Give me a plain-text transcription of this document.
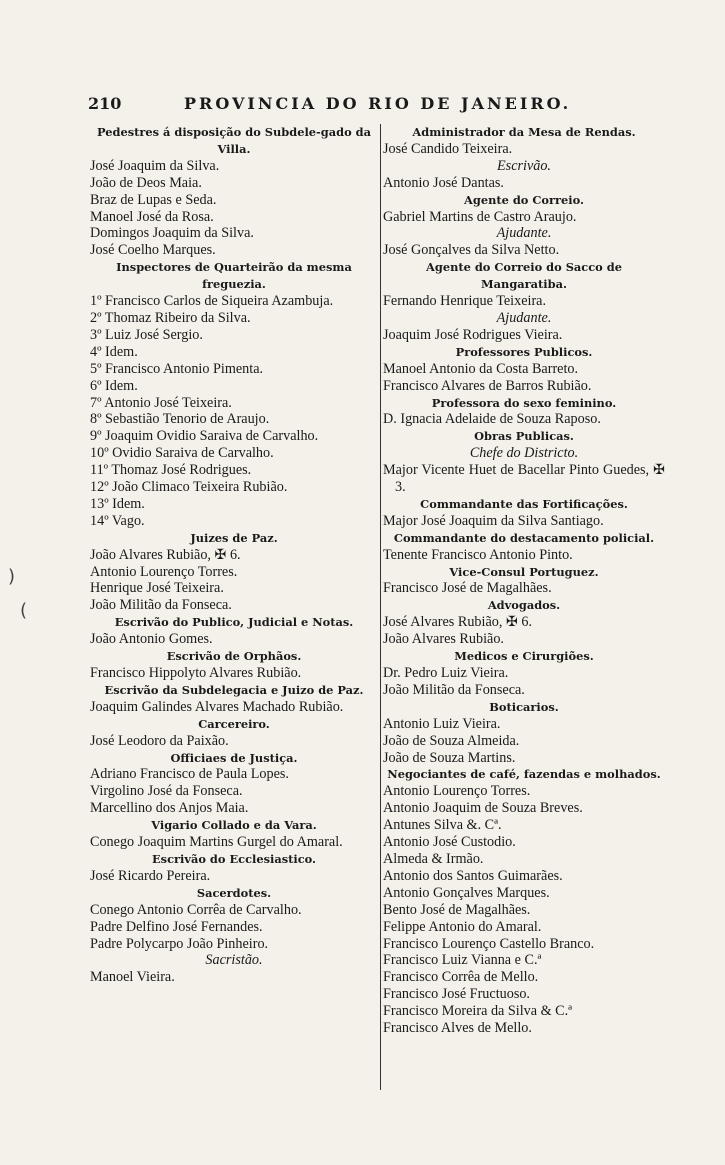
210	PROVINCIA DO RIO DE JANEIRO.
Pedestres á disposição do Subdele-gado da Villa.
José Joaquim da Silva.
João de Deos Maia.
Braz de Lupas e Seda.
Manoel José da Rosa.
Domingos Joaquim da Silva.
José Coelho Marques.
Inspectores de Quarteirão da mesma freguezia.
1º Francisco Carlos de Siqueira Azambuja.
2º Thomaz Ribeiro da Silva.
3º Luiz José Sergio.
4º Idem.
5º Francisco Antonio Pimenta.
6º Idem.
7º Antonio José Teixeira.
8º Sebastião Tenorio de Araujo.
9º Joaquim Ovidio Saraiva de Carvalho.
10º Ovidio Saraiva de Carvalho.
11º Thomaz José Rodrigues.
12º João Climaco Teixeira Rubião.
13º Idem.
14º Vago.
Juizes de Paz.
João Alvares Rubião, ✠ 6.
Antonio Lourenço Torres.
Henrique José Teixeira.
João Militão da Fonseca.
Escrivão do Publico, Judicial e Notas.
João Antonio Gomes.
Escrivão de Orphãos.
Francisco Hippolyto Alvares Rubião.
Escrivão da Subdelegacia e Juizo de Paz.
Joaquim Galindes Alvares Machado Rubião.
Carcereiro.
José Leodoro da Paixão.
Officiaes de Justiça.
Adriano Francisco de Paula Lopes.
Virgolino José da Fonseca.
Marcellino dos Anjos Maia.
Vigario Collado e da Vara.
Conego Joaquim Martins Gurgel do Amaral.
Escrivão do Ecclesiastico.
José Ricardo Pereira.
Sacerdotes.
Conego Antonio Corrêa de Carvalho.
Padre Delfino José Fernandes.
Padre Polycarpo João Pinheiro.
Sacristão.
Manoel Vieira.
Administrador da Mesa de Rendas.
José Candido Teixeira.
Escrivão.
Antonio José Dantas.
Agente do Correio.
Gabriel Martins de Castro Araujo.
Ajudante.
José Gonçalves da Silva Netto.
Agente do Correio do Sacco de Mangaratiba.
Fernando Henrique Teixeira.
Ajudante.
Joaquim José Rodrigues Vieira.
Professores Publicos.
Manoel Antonio da Costa Barreto.
Francisco Alvares de Barros Rubião.
Professora do sexo feminino.
D. Ignacia Adelaide de Souza Raposo.
Obras Publicas.
Chefe do Districto.
Major Vicente Huet de Bacellar Pinto Guedes, ✠ 3.
Commandante das Fortificações.
Major José Joaquim da Silva Santiago.
Commandante do destacamento policial.
Tenente Francisco Antonio Pinto.
Vice-Consul Portuguez.
Francisco José de Magalhães.
Advogados.
José Alvares Rubião, ✠ 6.
João Alvares Rubião.
Medicos e Cirurgiões.
Dr. Pedro Luiz Vieira.
João Militão da Fonseca.
Boticarios.
Antonio Luiz Vieira.
João de Souza Almeida.
João de Souza Martins.
Negociantes de café, fazendas e molhados.
Antonio Lourenço Torres.
Antonio Joaquim de Souza Breves.
Antunes Silva &. Cª.
Antonio José Custodio.
Almeda & Irmão.
Antonio dos Santos Guimarães.
Antonio Gonçalves Marques.
Bento José de Magalhães.
Felippe Antonio do Amaral.
Francisco Lourenço Castello Branco.
Francisco Luiz Vianna e C.ª
Francisco Corrêa de Mello.
Francisco José Fructuoso.
Francisco Moreira da Silva & C.ª
Francisco Alves de Mello.
)
(
